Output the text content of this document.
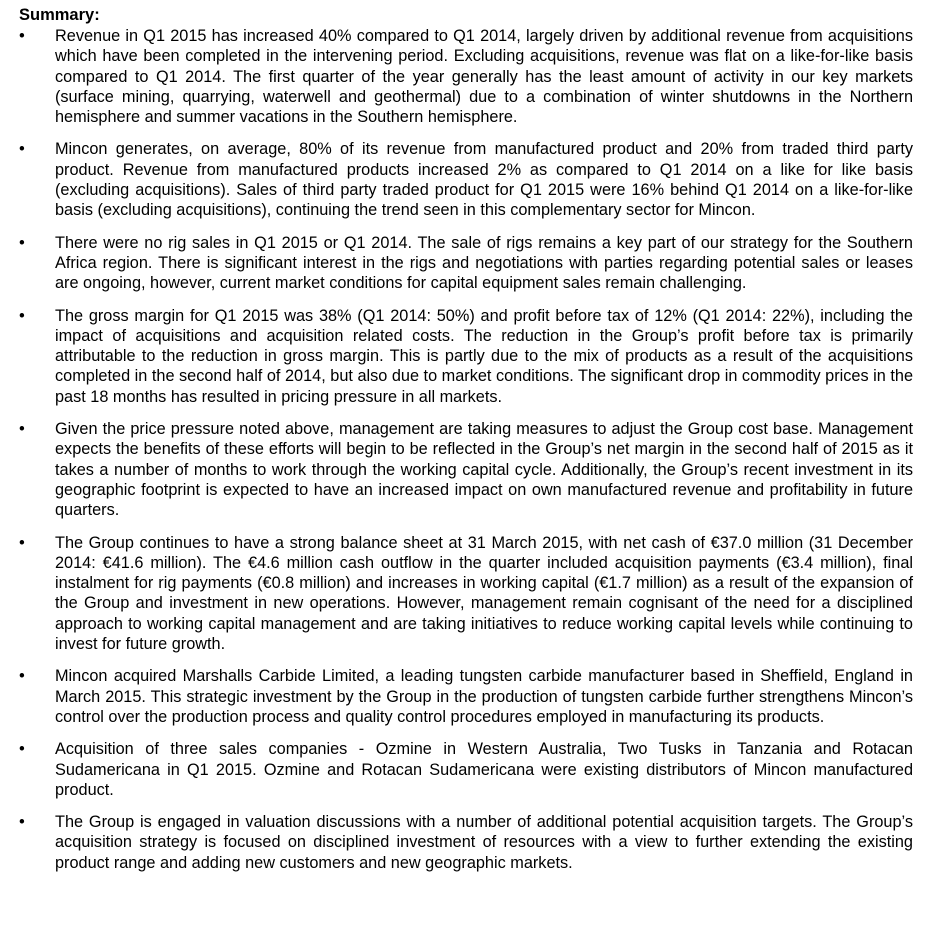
Summary:
•	Revenue in Q1 2015 has increased 40% compared to Q1 2014, largely driven by additional revenue from acquisitions which have been completed in the intervening period. Excluding acquisitions, revenue was flat on a like-for-like basis compared to Q1 2014. The first quarter of the year generally has the least amount of activity in our key markets (surface mining, quarrying, waterwell and geothermal) due to a combination of winter shutdowns in the Northern hemisphere and summer vacations in the Southern hemisphere.

•	Mincon generates, on average, 80% of its revenue from manufactured product and 20% from traded third party product. Revenue from manufactured products increased 2% as compared to Q1 2014 on a like for like basis (excluding acquisitions). Sales of third party traded product for Q1 2015 were 16% behind Q1 2014 on a like-for-like basis (excluding acquisitions), continuing the trend seen in this complementary sector for Mincon.

•	There were no rig sales in Q1 2015 or Q1 2014. The sale of rigs remains a key part of our strategy for the Southern Africa region. There is significant interest in the rigs and negotiations with parties regarding potential sales or leases are ongoing, however, current market conditions for capital equipment sales remain challenging.

•	The gross margin for Q1 2015 was 38% (Q1 2014: 50%) and profit before tax of 12% (Q1 2014: 22%), including the impact of acquisitions and acquisition related costs. The reduction in the Group’s profit before tax is primarily attributable to the reduction in gross margin. This is partly due to the mix of products as a result of the acquisitions completed in the second half of 2014, but also due to market conditions. The significant drop in commodity prices in the past 18 months has resulted in pricing pressure in all markets.

•	Given the price pressure noted above, management are taking measures to adjust the Group cost base. Management expects the benefits of these efforts will begin to be reflected in the Group’s net margin in the second half of 2015 as it takes a number of months to work through the working capital cycle. Additionally, the Group’s recent investment in its geographic footprint is expected to have an increased impact on own manufactured revenue and profitability in future quarters.

•	The Group continues to have a strong balance sheet at 31 March 2015, with net cash of €37.0 million (31 December 2014: €41.6 million). The €4.6 million cash outflow in the quarter included acquisition payments (€3.4 million), final instalment for rig payments (€0.8 million) and increases in working capital (€1.7 million) as a result of the expansion of the Group and investment in new operations. However, management remain cognisant of the need for a disciplined approach to working capital management and are taking initiatives to reduce working capital levels while continuing to invest for future growth.

•	Mincon acquired Marshalls Carbide Limited, a leading tungsten carbide manufacturer based in Sheffield, England in March 2015. This strategic investment by the Group in the production of tungsten carbide further strengthens Mincon’s control over the production process and quality control procedures employed in manufacturing its products.

•	Acquisition of three sales companies - Ozmine in Western Australia, Two Tusks in Tanzania and Rotacan Sudamericana in Q1 2015. Ozmine and Rotacan Sudamericana were existing distributors of Mincon manufactured product.

•	The Group is engaged in valuation discussions with a number of additional potential acquisition targets. The Group’s acquisition strategy is focused on disciplined investment of resources with a view to further extending the existing product range and adding new customers and new geographic markets.
